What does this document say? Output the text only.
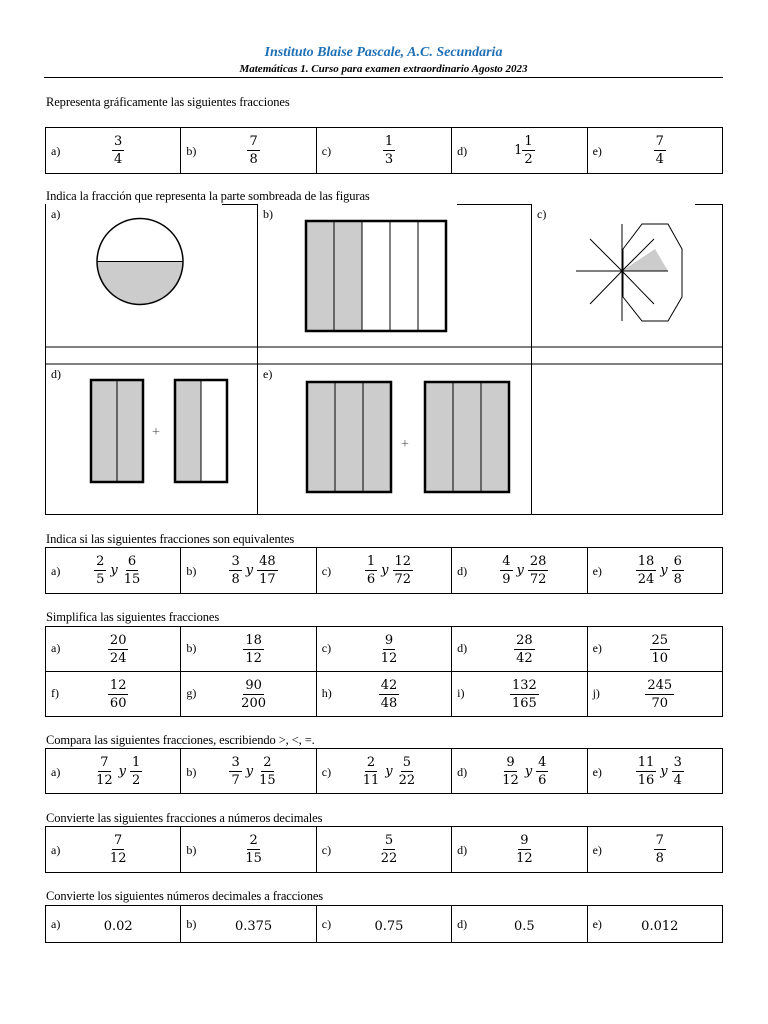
Instituto Blaise Pascale, A.C. Secundaria
Matemáticas 1. Curso para examen extraordinario Agosto 2023
Representa gráficamente las siguientes fracciones
a)	$\frac{3}{4}$	b)	$\frac{7}{8}$	c)	$\frac{1}{3}$	d)	$1 \frac{1}{2}$	e)	$\frac{7}{4}$
Indica la fracción que representa la parte sombreada de las figuras
a)	b)	c)
d)	e)
+
+
Indica si las siguientes fracciones son equivalentes
a)	$\frac{2}{5}$ y $\frac{6}{15}$	b)	$\frac{3}{8}$ y $\frac{48}{17}$	c)	$\frac{1}{6}$ y $\frac{12}{72}$	d)	$\frac{4}{9}$ y $\frac{28}{72}$	e)	$\frac{18}{24}$ y $\frac{6}{8}$
Simplifica las siguientes fracciones
$a) \frac{20}{24}$	$b) \frac{18}{12}$	$c) \frac{9}{12}$	$d) \frac{28}{42}$	$e) \frac{25}{10}$

$f) \frac{12}{60}$	$g) \frac{90}{200}$	$h) \frac{42}{48}$	$i) \frac{132}{165}$	$j) \frac{245}{70}$
Compara las siguientes fracciones, escribiendo >, <, =.
a)	$\frac{7}{12}$ y $\frac{1}{2}$	b)	$\frac{3}{7}$ y $\frac{2}{15}$	$c) \frac{2}{11}$ y $\frac{5}{22}$	d)	$\frac{9}{12}$ y $\frac{4}{6}$	e)	$\frac{11}{16}$ y $\frac{3}{4}$
Convierte las siguientes fracciones a números decimales
a)	$\frac{7}{12}$	b)	$\frac{2}{15}$	c)	$\frac{5}{22}$	d)	$\frac{9}{12}$	e)	$\frac{7}{8}$
Convierte los siguientes números decimales a fracciones
a)	0.02	b)	0.375	c)	0.75	d)	0.5	e)	0.012
